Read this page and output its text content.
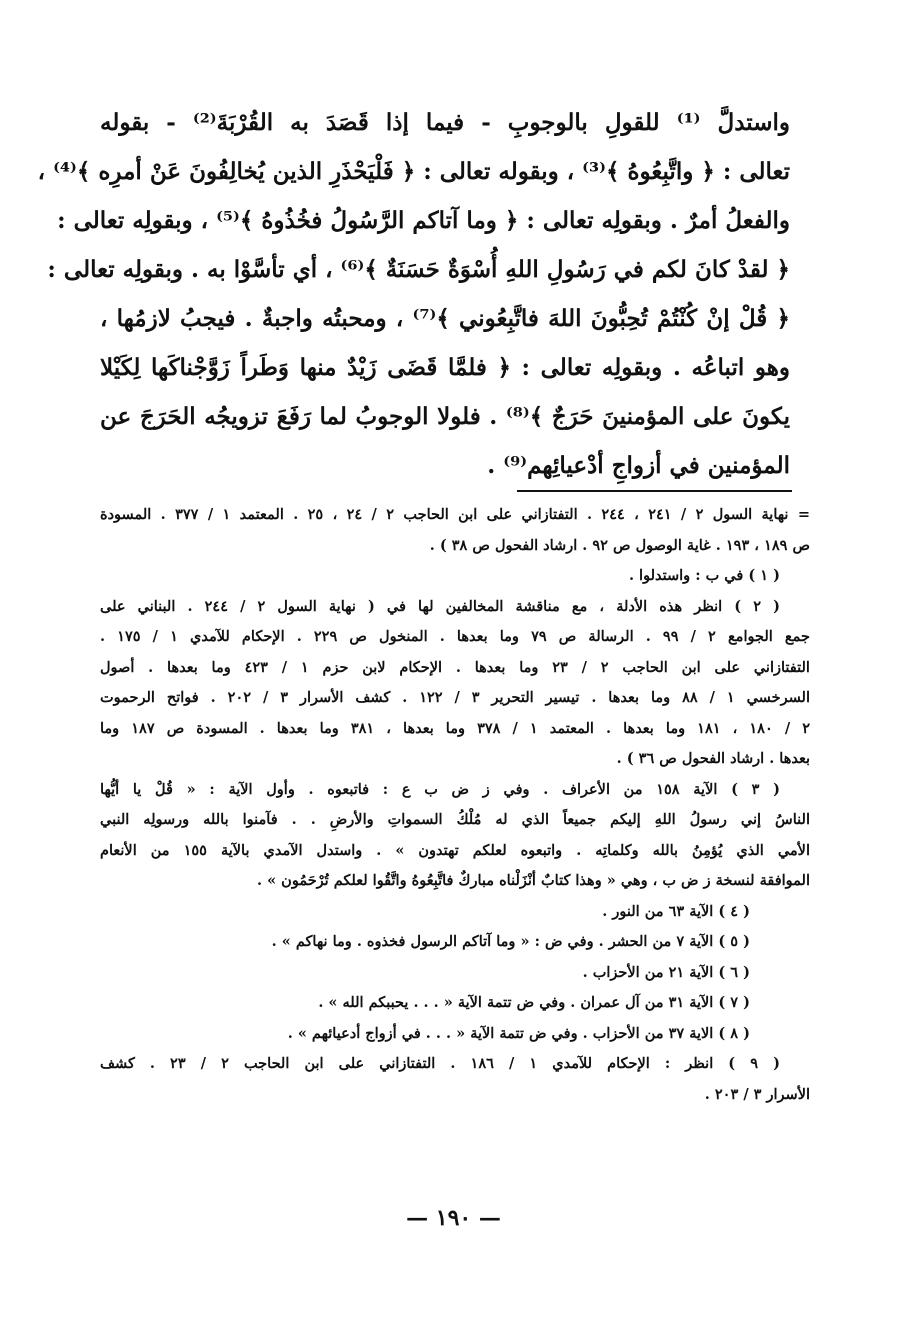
واستدلَّ ⁽¹⁾ للقولِ بالوجوبِ - فيما إذا قَصَدَ به القُرْبَةَ⁽²⁾ - بقوله
تعالى : ﴿ واتَّبِعُوهُ ﴾⁽³⁾ ، وبقوله تعالى : ﴿ فَلْيَحْذَرِ الذين يُخالِفُونَ عَنْ أمرِه ﴾⁽⁴⁾ ،
والفعلُ أمرٌ . وبقولِه تعالى : ﴿ وما آتاكم الرَّسُولُ فخُذُوهُ ﴾⁽⁵⁾ ، وبقولِه تعالى :
﴿ لقدْ كانَ لكم في رَسُولِ اللهِ أُسْوَةٌ حَسَنَةٌ ﴾⁽⁶⁾ ، أي تأسَّوْا به . وبقولِه تعالى :
﴿ قُلْ إنْ كُنْتُمْ تُحِبُّونَ اللهَ فاتَّبِعُوني ﴾⁽⁷⁾ ، ومحبتُه واجبةٌ . فيجبُ لازمُها ،
وهو اتباعُه . وبقولِه تعالى : ﴿ فلمَّا قَضَى زَيْدٌ منها وَطَراً زَوَّجْناكَها لِكَيْلا
يكونَ على المؤمنينَ حَرَجٌ ﴾⁽⁸⁾ . فلولا الوجوبُ لما رَفَعَ تزويجُه الحَرَجَ عن
المؤمنين في أزواجِ أدْعيائِهم⁽⁹⁾ .
= نهاية السول ٢ / ٢٤١ ، ٢٤٤ . التفتازاني على ابن الحاجب ٢ / ٢٤ ، ٢٥ . المعتمد ١ / ٣٧٧ . المسودة
ص ١٨٩ ، ١٩٣ . غاية الوصول ص ٩٢ . ارشاد الفحول ص ٣٨ ) .
( ١ ) في ب : واستدلوا .
( ٢ ) انظر هذه الأدلة ، مع مناقشة المخالفين لها في ( نهاية السول ٢ / ٢٤٤ . البناني على
جمع الجوامع ٢ / ٩٩ . الرسالة ص ٧٩ وما بعدها . المنخول ص ٢٢٩ . الإحكام للآمدي ١ / ١٧٥ .
التفتازاني على ابن الحاجب ٢ / ٢٣ وما بعدها . الإحكام لابن حزم ١ / ٤٢٣ وما بعدها . أصول
السرخسي ١ / ٨٨ وما بعدها . تيسير التحرير ٣ / ١٢٢ . كشف الأسرار ٣ / ٢٠٢ . فواتح الرحموت
٢ / ١٨٠ ، ١٨١ وما بعدها . المعتمد ١ / ٣٧٨ وما بعدها ، ٣٨١ وما بعدها . المسودة ص ١٨٧ وما
بعدها . ارشاد الفحول ص ٣٦ ) .
( ٣ ) الآية ١٥٨ من الأعراف . وفي ز ض ب ع : فاتبعوه . وأول الآية : « قُلْ يا أيُّها
الناسُ إني رسولُ اللهِ إليكم جميعاً الذي له مُلْكُ السمواتِ والأرضِ . . فآمنوا بالله ورسولِه النبي
الأمي الذي يُؤمِنُ بالله وكلماتِه . واتبعوه لعلكم تهتدون » . واستدل الآمدي بالآية ١٥٥ من الأنعام
الموافقة لنسخة ز ض ب ، وهي « وهذا كتابٌ أنْزَلْناه مباركٌ فاتَّبِعُوهُ واتَّقُوا لعلكم تُرْحَمُون » .
( ٤ ) الآية ٦٣ من النور .
( ٥ ) الآية ٧ من الحشر . وفي ض : « وما آتاكم الرسول فخذوه . وما نهاكم » .
( ٦ ) الآية ٢١ من الأحزاب .
( ٧ ) الآية ٣١ من آل عمران . وفي ض تتمة الآية « . . . يحببكم الله » .
( ٨ ) الاية ٣٧ من الأحزاب . وفي ض تتمة الآية « . . . في أزواج أدعيائهم » .
( ٩ ) انظر : الإحكام للآمدي ١ / ١٨٦ . التفتازاني على ابن الحاجب ٢ / ٢٣ . كشف
الأسرار ٣ / ٢٠٣ .
— ١٩٠ —
